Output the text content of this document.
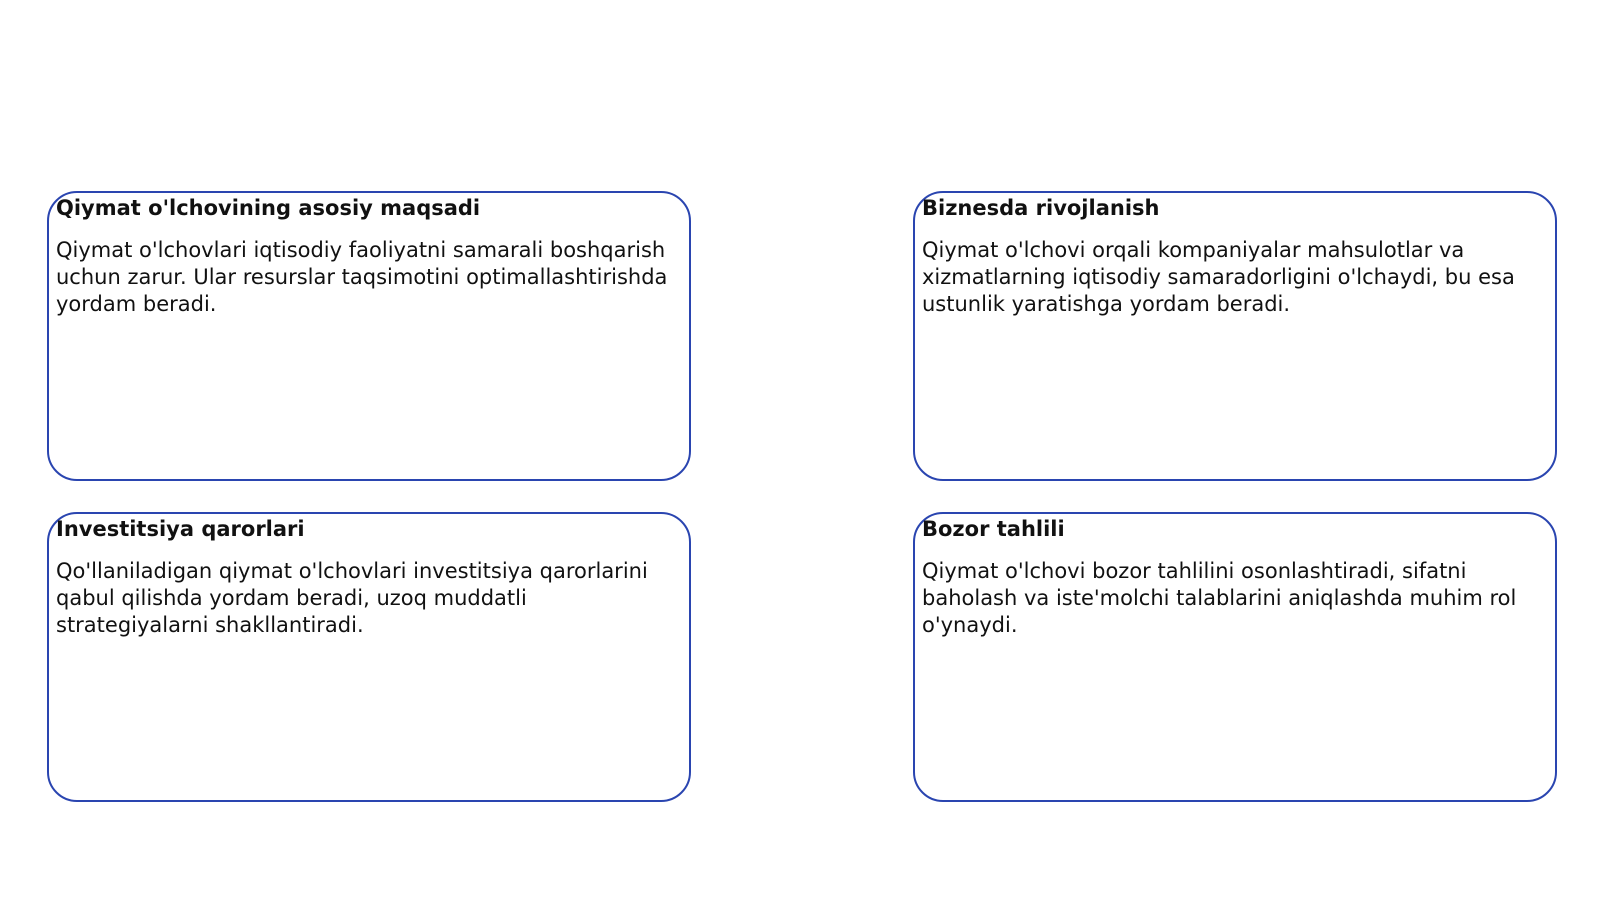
Qiymat o'lchovining asosiy maqsadi

Qiymat o'lchovlari iqtisodiy faoliyatni samarali boshqarish uchun zarur. Ular resurslar taqsimotini optimallashtirishda yordam beradi.

Biznesda rivojlanish

Qiymat o'lchovi orqali kompaniyalar mahsulotlar va xizmatlarning iqtisodiy samaradorligini o'lchaydi, bu esa ustunlik yaratishga yordam beradi.

Investitsiya qarorlari

Qo'llaniladigan qiymat o'lchovlari investitsiya qarorlarini qabul qilishda yordam beradi, uzoq muddatli strategiyalarni shakllantiradi.

Bozor tahlili

Qiymat o'lchovi bozor tahlilini osonlashtiradi, sifatni baholash va iste'molchi talablarini aniqlashda muhim rol o'ynaydi.
